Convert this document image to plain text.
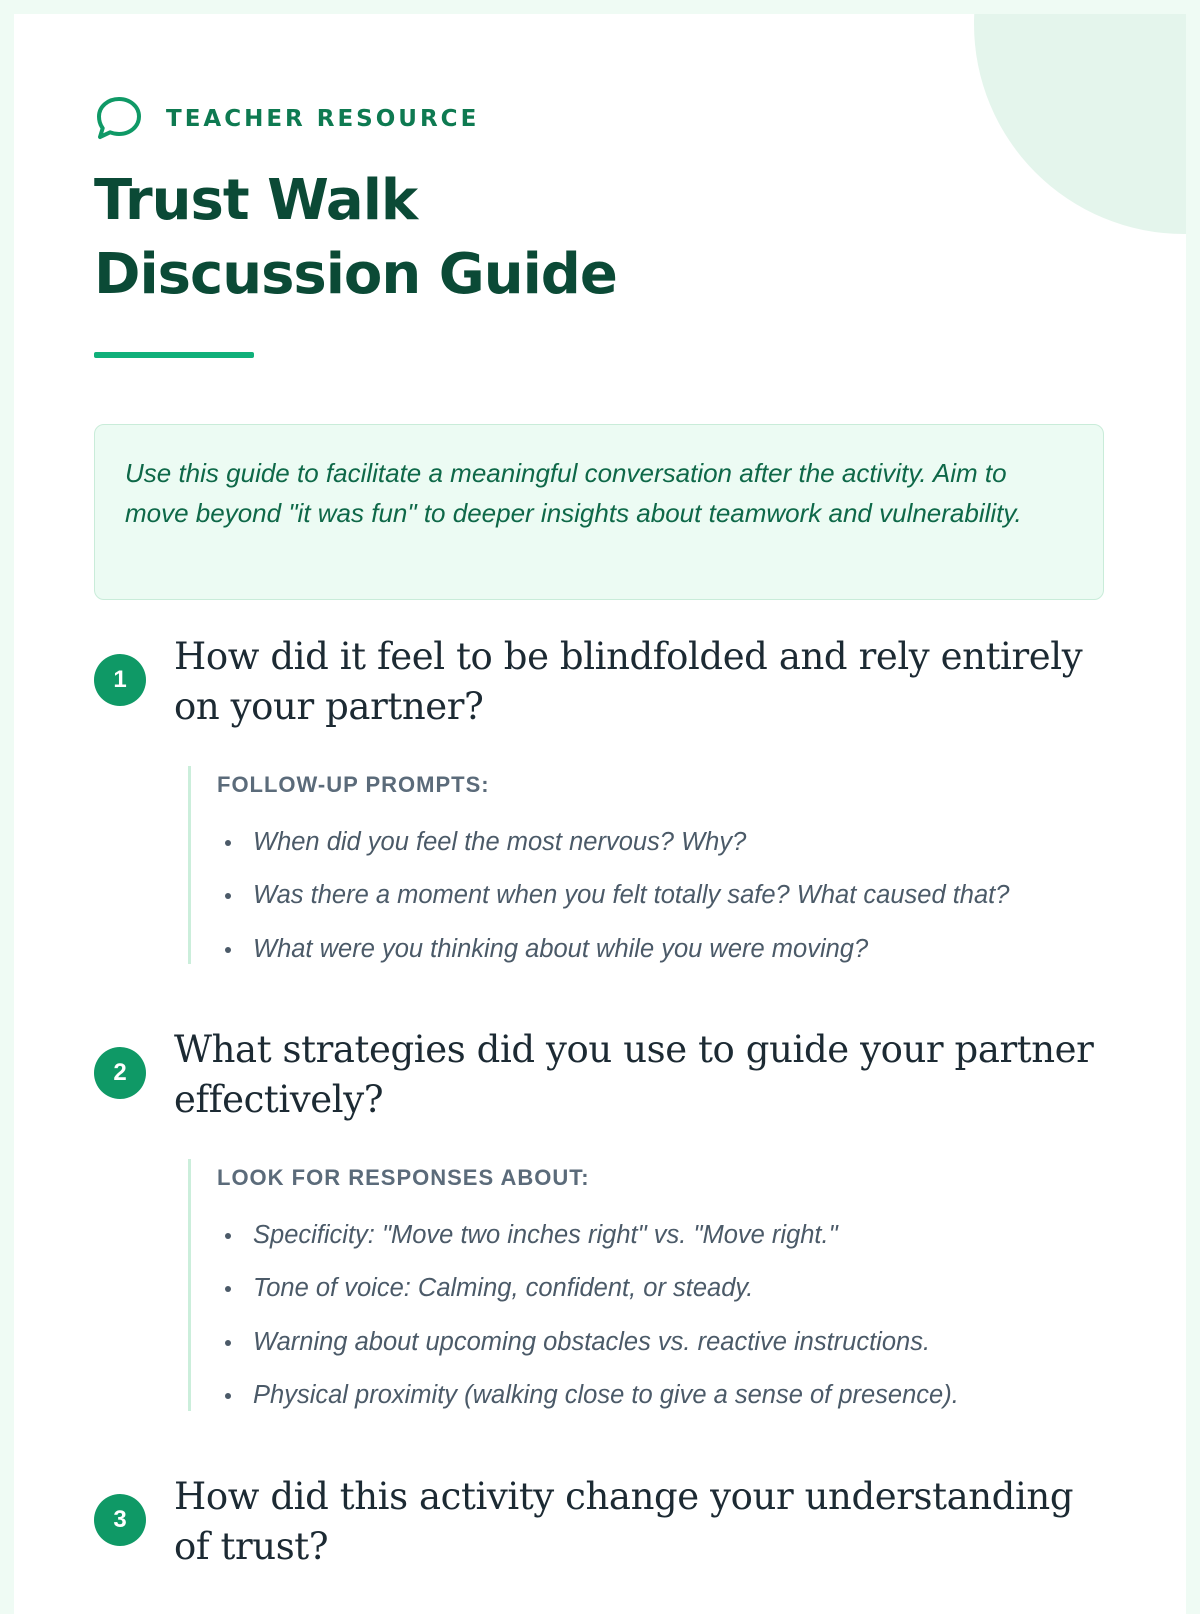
TEACHER RESOURCE
Trust Walk
Discussion Guide
Use this guide to facilitate a meaningful conversation after the activity. Aim to move beyond "it was fun" to deeper insights about teamwork and vulnerability.
1
How did it feel to be blindfolded and rely entirely on your partner?
FOLLOW-UP PROMPTS:
When did you feel the most nervous? Why?
Was there a moment when you felt totally safe? What caused that?
What were you thinking about while you were moving?
2
What strategies did you use to guide your partner effectively?
LOOK FOR RESPONSES ABOUT:
Specificity: "Move two inches right" vs. "Move right."
Tone of voice: Calming, confident, or steady.
Warning about upcoming obstacles vs. reactive instructions.
Physical proximity (walking close to give a sense of presence).
3
How did this activity change your understanding of trust?
